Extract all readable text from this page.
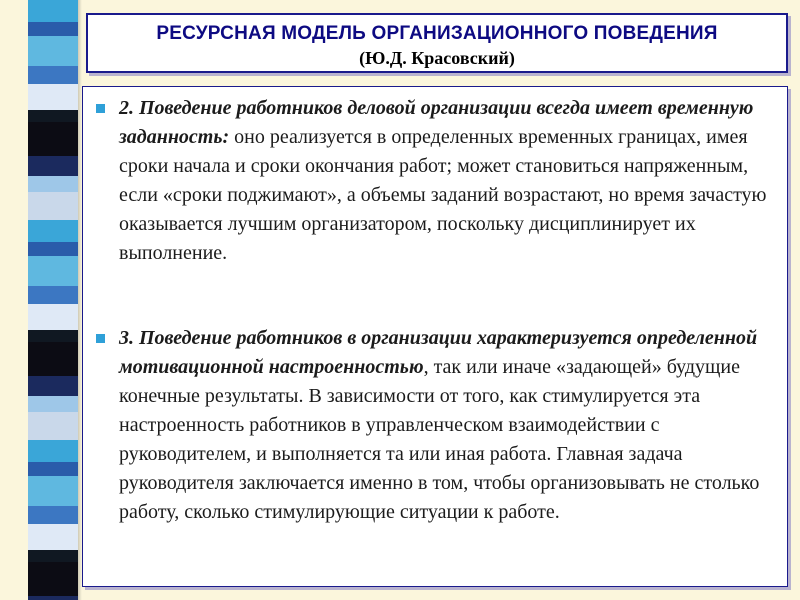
РЕСУРСНАЯ МОДЕЛЬ ОРГАНИЗАЦИОННОГО ПОВЕДЕНИЯ
(Ю.Д. Красовский)
2. Поведение работников деловой организации всегда имеет временную заданность: оно реализуется в определенных временных границах, имея сроки начала и сроки окончания работ; может становиться напряженным, если «сроки поджимают», а объемы заданий возрастают, но время зачастую оказывается лучшим организатором, поскольку дисциплинирует их выполнение.
3. Поведение работников в организации характеризуется определенной мотивационной настроенностью, так или иначе «задающей» будущие конечные результаты. В зависимости от того, как стимулируется эта настроенность работников в управленческом взаимодействии с руководителем, и выполняется та или иная работа. Главная задача руководителя заключается именно в том, чтобы организовывать не столько работу, сколько стимулирующие ситуации к работе.
